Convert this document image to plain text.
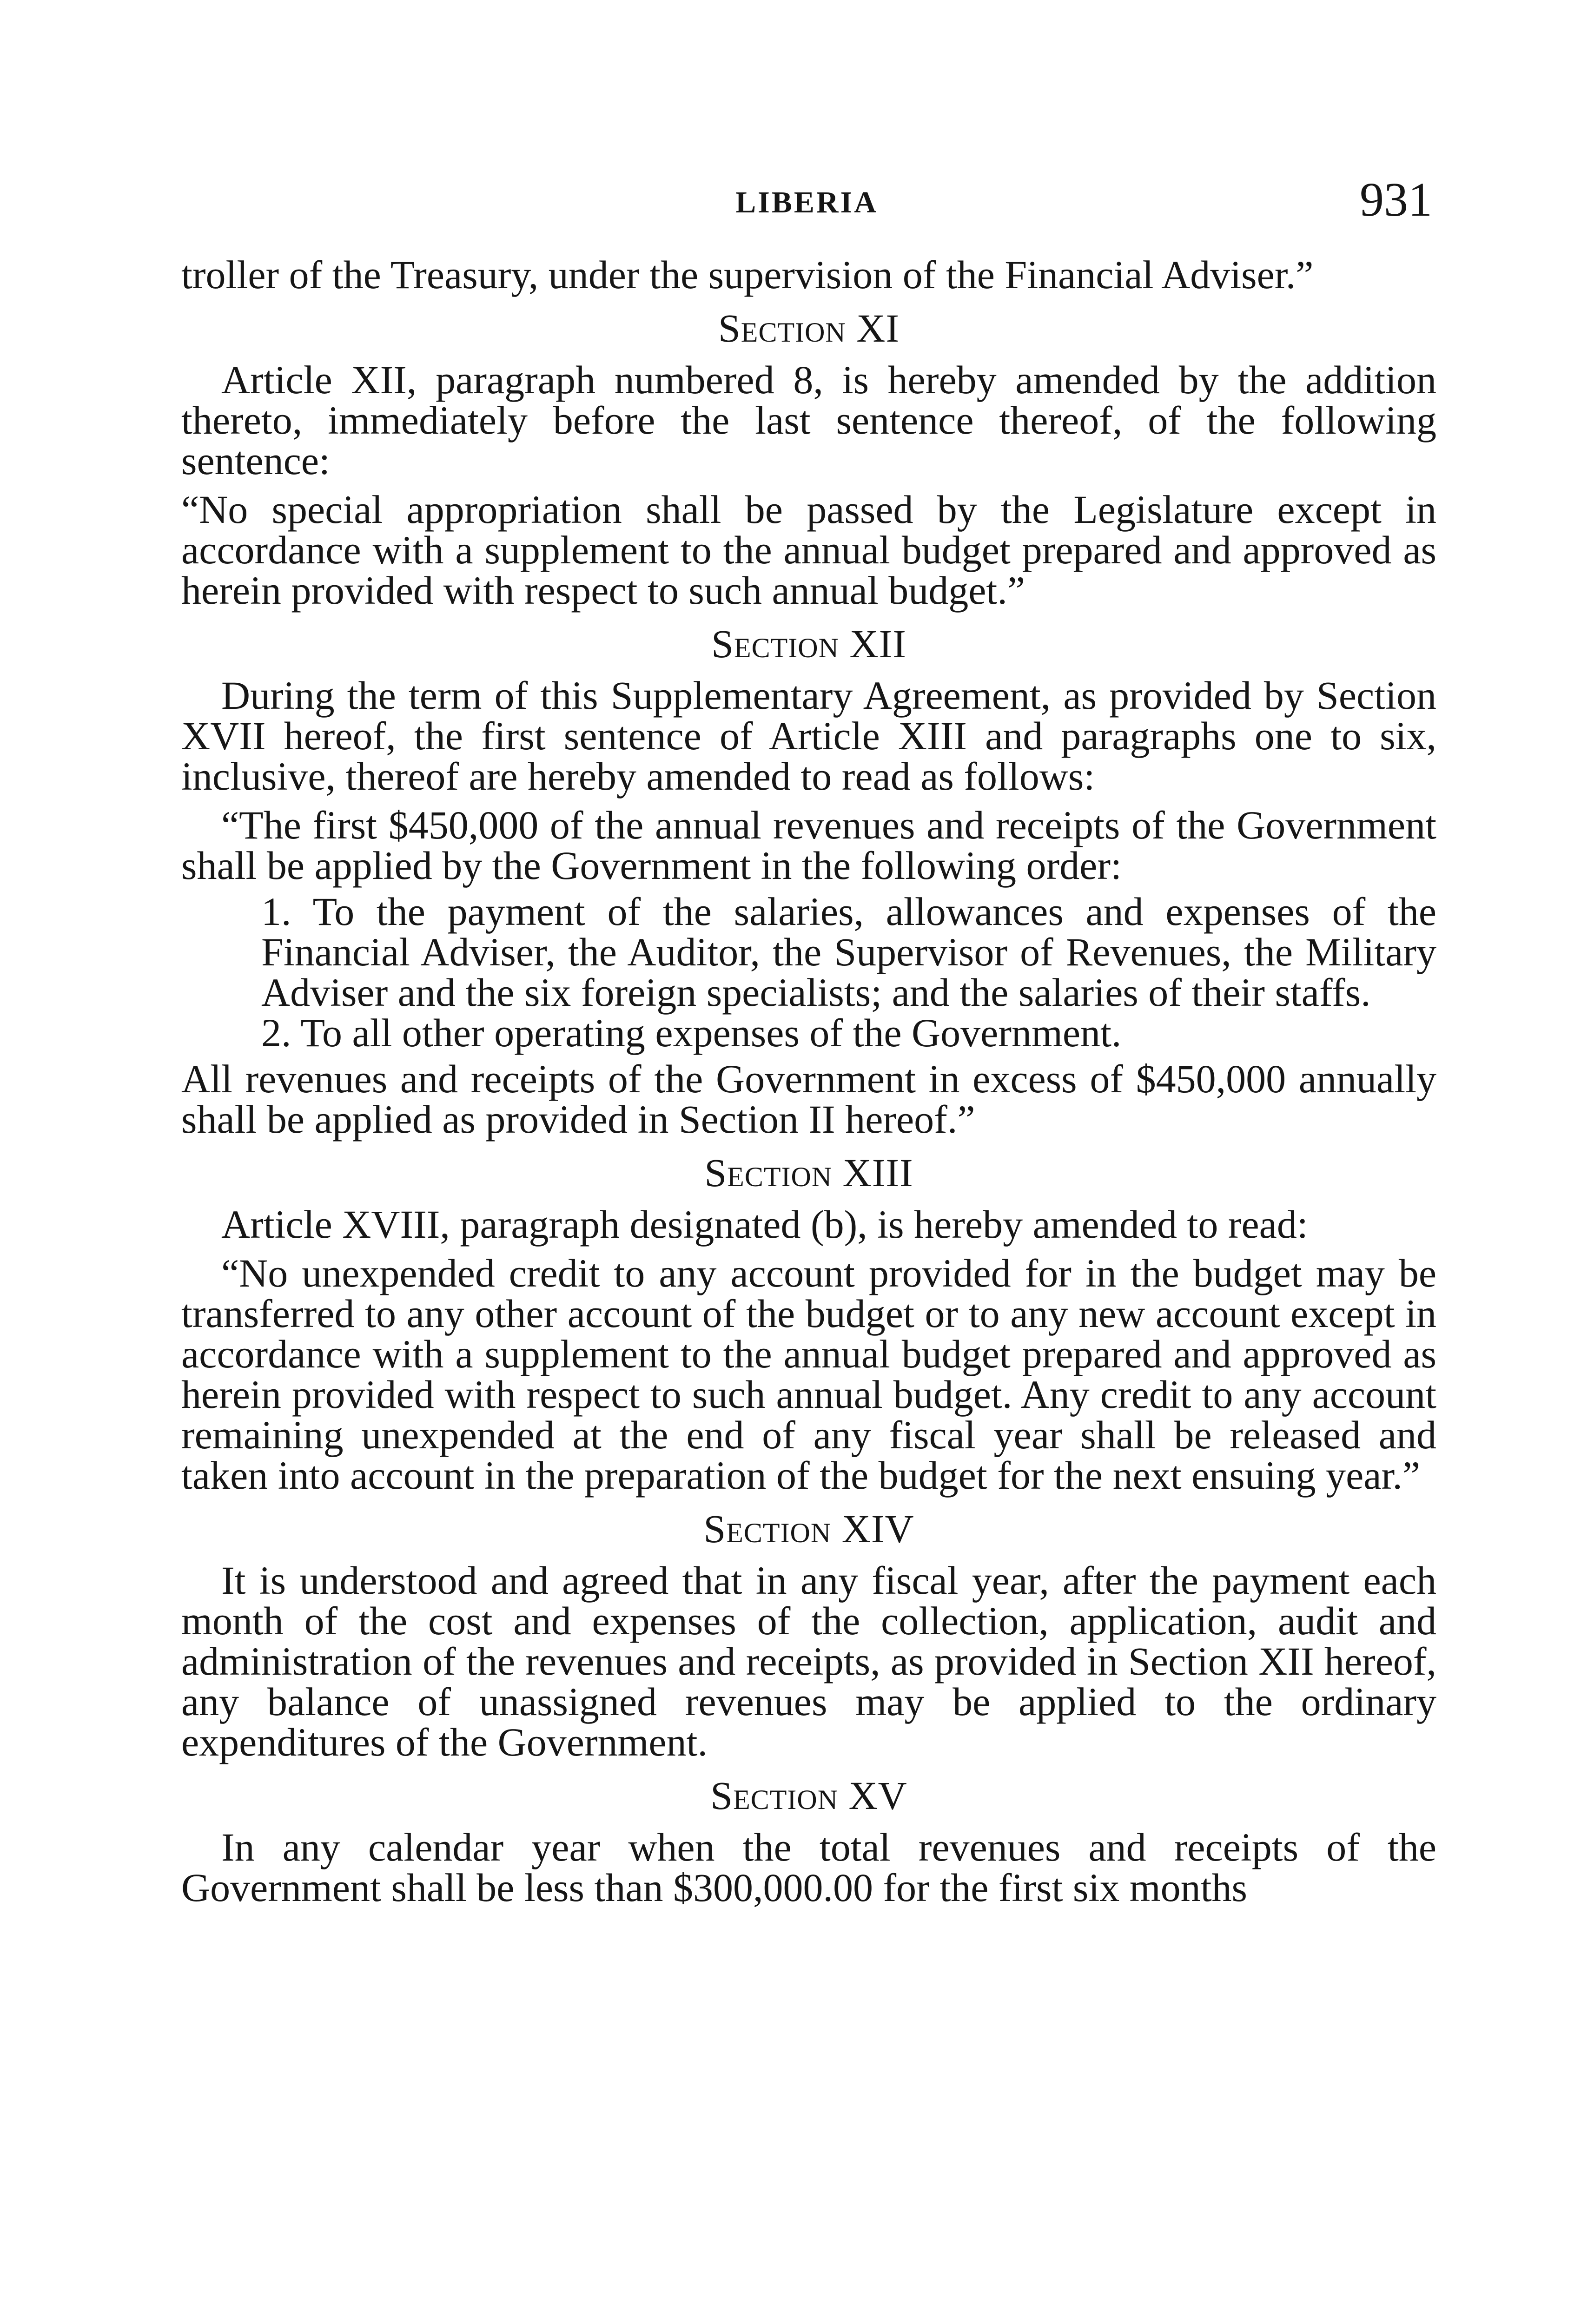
LIBERIA	931

troller of the Treasury, under the supervision of the Financial Adviser.”

Section XI

Article XII, paragraph numbered 8, is hereby amended by the addition thereto, immediately before the last sentence thereof, of the following sentence:

“No special appropriation shall be passed by the Legislature except in accordance with a supplement to the annual budget prepared and approved as herein provided with respect to such annual budget.”

Section XII

During the term of this Supplementary Agreement, as provided by Section XVII hereof, the first sentence of Article XIII and paragraphs one to six, inclusive, thereof are hereby amended to read as follows:

“The first $450,000 of the annual revenues and receipts of the Government shall be applied by the Government in the following order:

1. To the payment of the salaries, allowances and expenses of the Financial Adviser, the Auditor, the Supervisor of Revenues, the Military Adviser and the six foreign specialists; and the salaries of their staffs.

2. To all other operating expenses of the Government.

All revenues and receipts of the Government in excess of $450,000 annually shall be applied as provided in Section II hereof.”

Section XIII

Article XVIII, paragraph designated (b), is hereby amended to read:

“No unexpended credit to any account provided for in the budget may be transferred to any other account of the budget or to any new account except in accordance with a supplement to the annual budget prepared and approved as herein provided with respect to such annual budget. Any credit to any account remaining unexpended at the end of any fiscal year shall be released and taken into account in the preparation of the budget for the next ensuing year.”

Section XIV

It is understood and agreed that in any fiscal year, after the payment each month of the cost and expenses of the collection, application, audit and administration of the revenues and receipts, as provided in Section XII hereof, any balance of unassigned revenues may be applied to the ordinary expenditures of the Government.

Section XV

In any calendar year when the total revenues and receipts of the Government shall be less than $300,000.00 for the first six months
